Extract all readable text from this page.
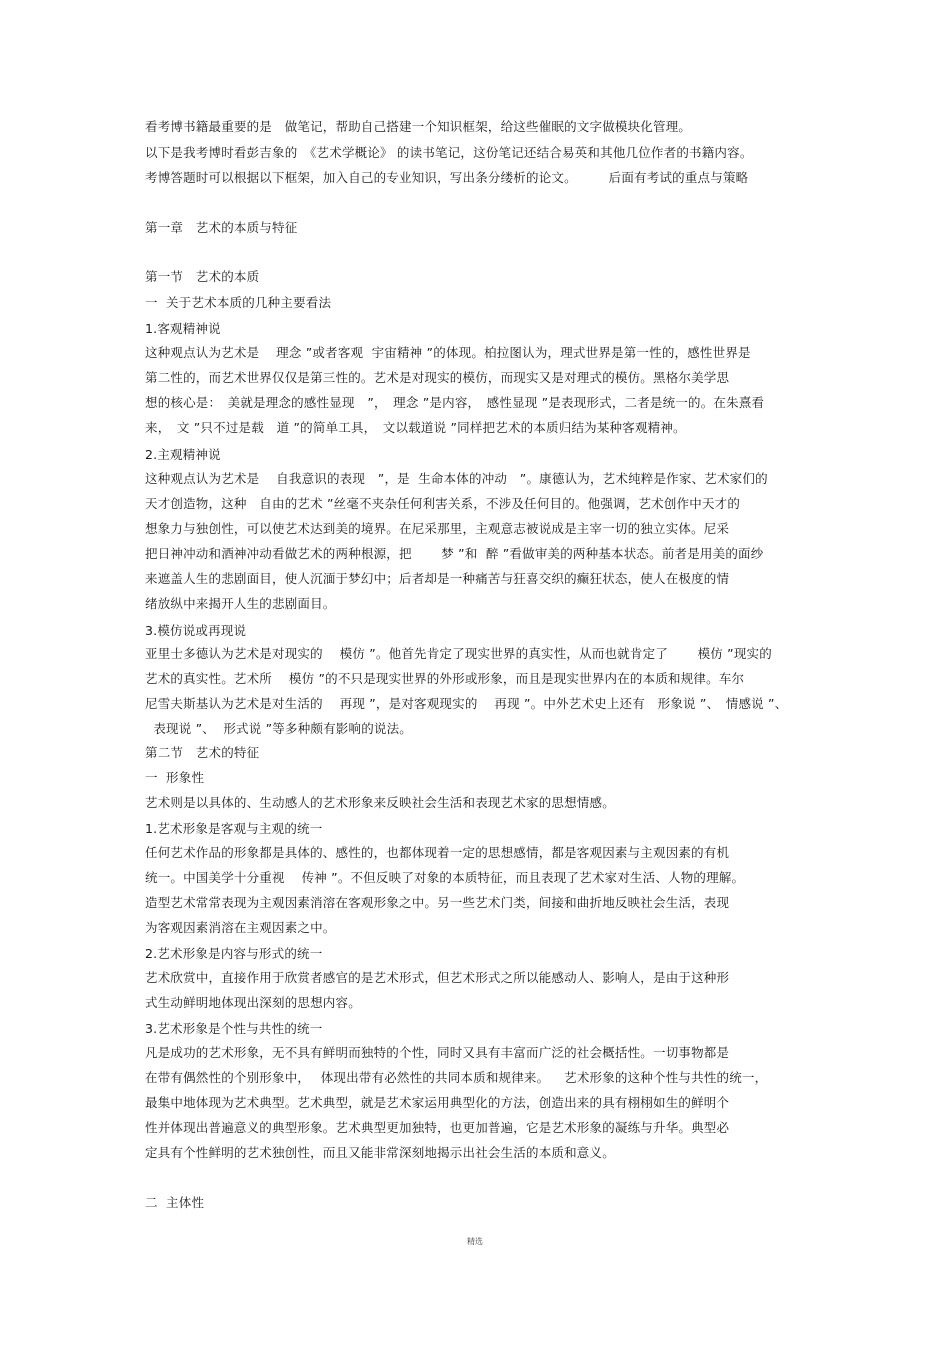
看考博书籍最重要的是　做笔记，帮助自己搭建一个知识框架，给这些催眠的文字做模块化管理。
以下是我考博时看彭吉象的　《艺术学概论》 的读书笔记，这份笔记还结合易英和其他几位作者的书籍内容。
考博答题时可以根据以下框架，加入自己的专业知识，写出条分缕析的论文。　　　后面有考试的重点与策略
第一章　艺术的本质与特征
第一节　艺术的本质
一  关于艺术本质的几种主要看法
1.客观精神说
这种观点认为艺术是　 理念 ”或者客观  宇宙精神 ”的体现。柏拉图认为，理式世界是第一性的，感性世界是
第二性的，而艺术世界仅仅是第三性的。艺术是对现实的模仿，而现实又是对理式的模仿。黑格尔美学思
想的核心是：　美就是理念的感性显现　”，　理念 ”是内容，　感性显现 ”是表现形式，二者是统一的。在朱熹看
来，　文 ”只不过是载　道 ”的简单工具，　文以载道说 ”同样把艺术的本质归结为某种客观精神。
2.主观精神说
这种观点认为艺术是　 自我意识的表现　”，是  生命本体的冲动　”。康德认为，艺术纯粹是作家、艺术家们的
天才创造物，这种　自由的艺术 ”丝毫不夹杂任何利害关系，不涉及任何目的。他强调，艺术创作中天才的
想象力与独创性，可以使艺术达到美的境界。在尼采那里，主观意志被说成是主宰一切的独立实体。尼采
把日神冲动和酒神冲动看做艺术的两种根源，把　　 梦 ”和  醉 ”看做审美的两种基本状态。前者是用美的面纱
来遮盖人生的悲剧面目，使人沉湎于梦幻中；后者却是一种痛苦与狂喜交织的癫狂状态，使人在极度的情
绪放纵中来揭开人生的悲剧面目。
3.模仿说或再现说
亚里士多德认为艺术是对现实的　 模仿 ”。他首先肯定了现实世界的真实性，从而也就肯定了　　 模仿 ”现实的
艺术的真实性。艺术所　 模仿 ”的不只是现实世界的外形或形象，而且是现实世界内在的本质和规律。车尔
尼雪夫斯基认为艺术是对生活的　 再现 ”，是对客观现实的　 再现 ”。中外艺术史上还有　形象说 ”、　情感说 ”、
表现说 ”、  形式说 ”等多种颇有影响的说法。
第二节　艺术的特征
一  形象性
艺术则是以具体的、生动感人的艺术形象来反映社会生活和表现艺术家的思想情感。
1.艺术形象是客观与主观的统一
任何艺术作品的形象都是具体的、感性的，也都体现着一定的思想感情，都是客观因素与主观因素的有机
统一。中国美学十分重视　 传神 ”。不但反映了对象的本质特征，而且表现了艺术家对生活、人物的理解。
造型艺术常常表现为主观因素消溶在客观形象之中。另一些艺术门类，间接和曲折地反映社会生活，表现
为客观因素消溶在主观因素之中。
2.艺术形象是内容与形式的统一
艺术欣赏中，直接作用于欣赏者感官的是艺术形式，但艺术形式之所以能感动人、影响人，是由于这种形
式生动鲜明地体现出深刻的思想内容。
3.艺术形象是个性与共性的统一
凡是成功的艺术形象，无不具有鲜明而独特的个性，同时又具有丰富而广泛的社会概括性。一切事物都是
在带有偶然性的个别形象中，　 体现出带有必然性的共同本质和规律来。　  艺术形象的这种个性与共性的统一，
最集中地体现为艺术典型。艺术典型，就是艺术家运用典型化的方法，创造出来的具有栩栩如生的鲜明个
性并体现出普遍意义的典型形象。艺术典型更加独特，也更加普遍，它是艺术形象的凝练与升华。典型必
定具有个性鲜明的艺术独创性，而且又能非常深刻地揭示出社会生活的本质和意义。
二  主体性
精选
